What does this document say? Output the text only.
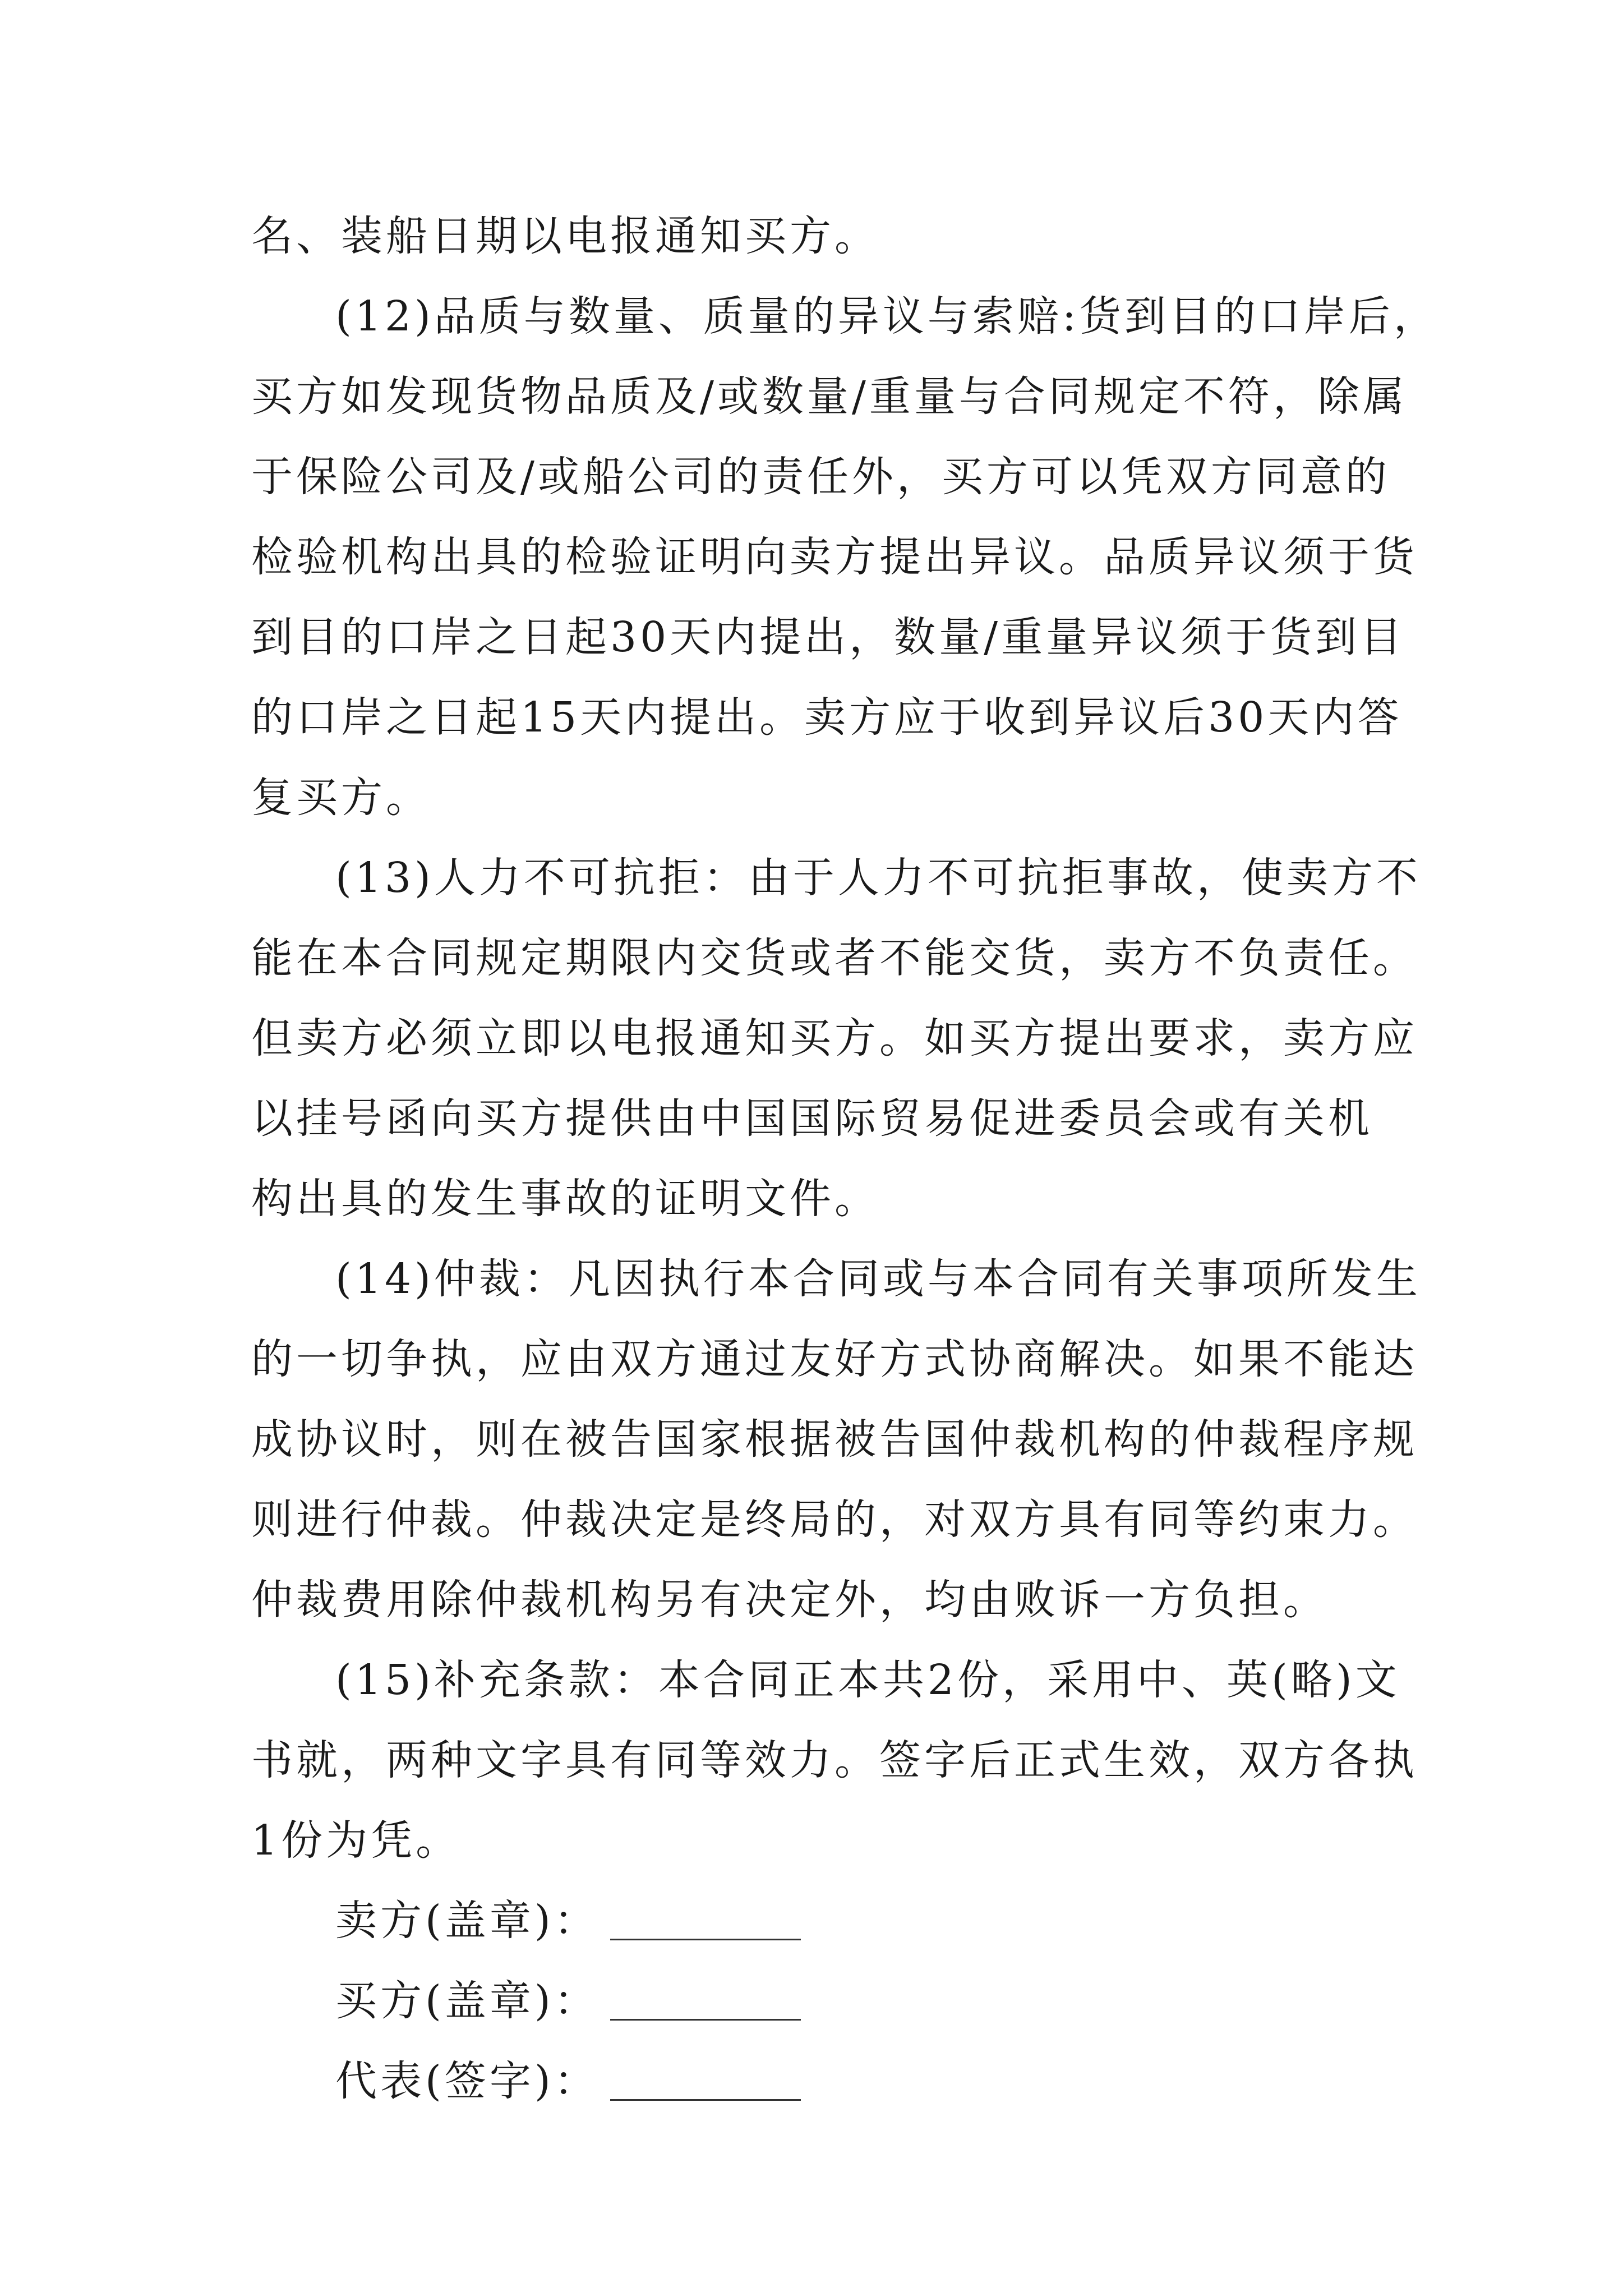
名、装船日期以电报通知买方。
(12)品质与数量、质量的异议与索赔:货到目的口岸后，
买方如发现货物品质及/或数量/重量与合同规定不符，除属
于保险公司及/或船公司的责任外，买方可以凭双方同意的
检验机构出具的检验证明向卖方提出异议。品质异议须于货
到目的口岸之日起30天内提出，数量/重量异议须于货到目
的口岸之日起15天内提出。卖方应于收到异议后30天内答
复买方。
(13)人力不可抗拒：由于人力不可抗拒事故，使卖方不
能在本合同规定期限内交货或者不能交货，卖方不负责任。
但卖方必须立即以电报通知买方。如买方提出要求，卖方应
以挂号函向买方提供由中国国际贸易促进委员会或有关机
构出具的发生事故的证明文件。
(14)仲裁：凡因执行本合同或与本合同有关事项所发生
的一切争执，应由双方通过友好方式协商解决。如果不能达
成协议时，则在被告国家根据被告国仲裁机构的仲裁程序规
则进行仲裁。仲裁决定是终局的，对双方具有同等约束力。
仲裁费用除仲裁机构另有决定外，均由败诉一方负担。
(15)补充条款：本合同正本共2份，采用中、英(略)文
书就，两种文字具有同等效力。签字后正式生效，双方各执
1份为凭。
卖方(盖章)：
买方(盖章)：
代表(签字)：
